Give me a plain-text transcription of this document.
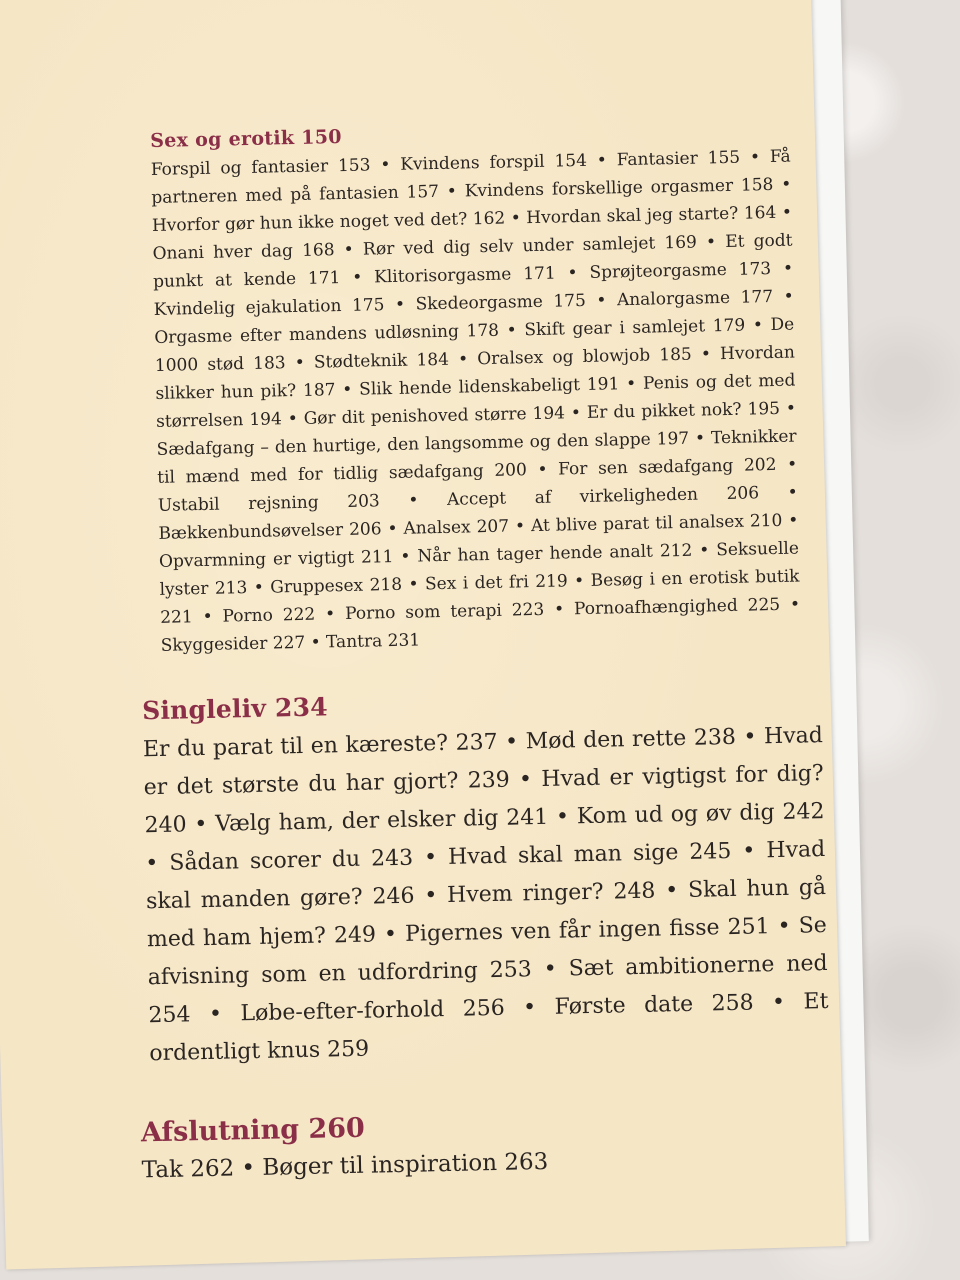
Sex og erotik 150

Forspil og fantasier 153 • Kvindens forspil 154 • Fantasier 155 • Få partneren med på fantasien 157 • Kvindens forskellige orgasmer 158 • Hvorfor gør hun ikke noget ved det? 162 • Hvordan skal jeg starte? 164 • Onani hver dag 168 • Rør ved dig selv under samlejet 169 • Et godt punkt at kende 171 • Klitorisorgasme 171 • Sprøjteorgasme 173 • Kvindelig ejakulation 175 • Skedeorgasme 175 • Analorgasme 177 • Orgasme efter mandens udløsning 178 • Skift gear i samlejet 179 • De 1000 stød 183 • Stødteknik 184 • Oralsex og blowjob 185 • Hvordan slikker hun pik? 187 • Slik hende lidenskabeligt 191 • Penis og det med størrelsen 194 • Gør dit penishoved større 194 • Er du pikket nok? 195 • Sædafgang – den hurtige, den langsomme og den slappe 197 • Teknikker til mænd med for tidlig sædafgang 200 • For sen sædafgang 202 • Ustabil rejsning 203 • Accept af virkeligheden 206 • Bækkenbundsøvelser 206 • Analsex 207 • At blive parat til analsex 210 • Opvarmning er vigtigt 211 • Når han tager hende analt 212 • Seksuelle lyster 213 • Gruppesex 218 • Sex i det fri 219 • Besøg i en erotisk butik 221 • Porno 222 • Porno som terapi 223 • Pornoafhængighed 225 • Skyggesider 227 • Tantra 231

Singleliv 234

Er du parat til en kæreste? 237 • Mød den rette 238 • Hvad er det største du har gjort? 239 • Hvad er vigtigst for dig? 240 • Vælg ham, der elsker dig 241 • Kom ud og øv dig 242 • Sådan scorer du 243 • Hvad skal man sige 245 • Hvad skal manden gøre? 246 • Hvem ringer? 248 • Skal hun gå med ham hjem? 249 • Pigernes ven får ingen fisse 251 • Se afvisning som en udfordring 253 • Sæt ambitionerne ned 254 • Løbe-efter-forhold 256 • Første date 258 • Et ordentligt knus 259

Afslutning 260

Tak 262 • Bøger til inspiration 263
